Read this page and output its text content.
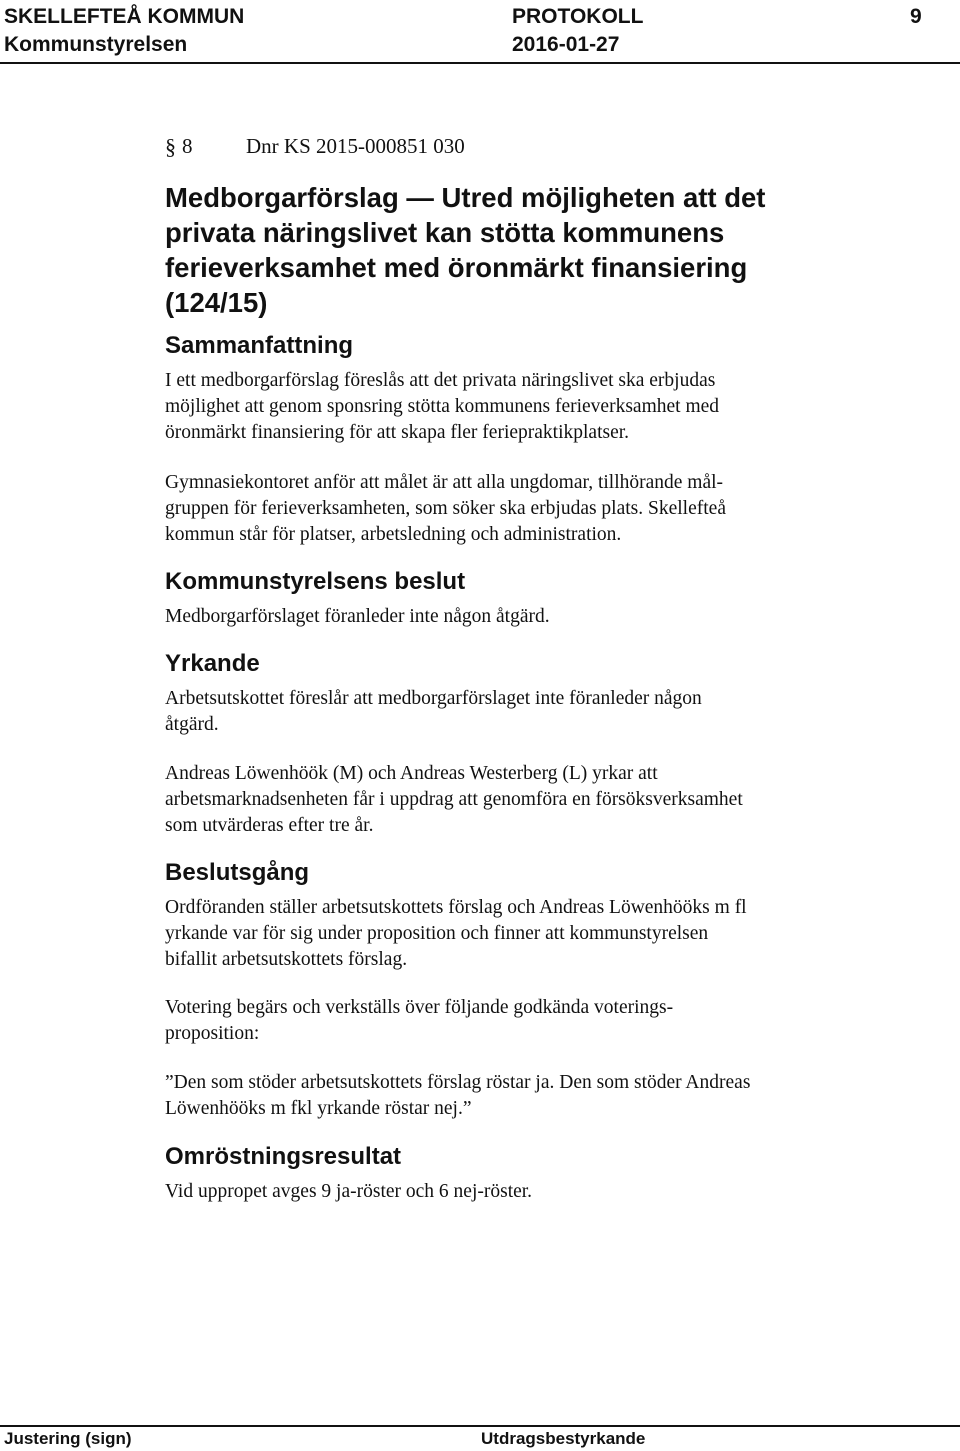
SKELLEFTEÅ KOMMUN
Kommunstyrelsen
PROTOKOLL
2016-01-27
9
§ 8	Dnr KS 2015-000851 030
Medborgarförslag — Utred möjligheten att det
privata näringslivet kan stötta kommunens
ferieverksamhet med öronmärkt finansiering
(124/15)
Sammanfattning
I ett medborgarförslag föreslås att det privata näringslivet ska erbjudas
möjlighet att genom sponsring stötta kommunens ferieverksamhet med
öronmärkt finansiering för att skapa fler feriepraktikplatser.
Gymnasiekontoret anför att målet är att alla ungdomar, tillhörande mål-
gruppen för ferieverksamheten, som söker ska erbjudas plats. Skellefteå
kommun står för platser, arbetsledning och administration.
Kommunstyrelsens beslut
Medborgarförslaget föranleder inte någon åtgärd.
Yrkande
Arbetsutskottet föreslår att medborgarförslaget inte föranleder någon
åtgärd.
Andreas Löwenhöök (M) och Andreas Westerberg (L) yrkar att
arbetsmarknadsenheten får i uppdrag att genomföra en försöksverksamhet
som utvärderas efter tre år.
Beslutsgång
Ordföranden ställer arbetsutskottets förslag och Andreas Löwenhööks m fl
yrkande var för sig under proposition och finner att kommunstyrelsen
bifallit arbetsutskottets förslag.
Votering begärs och verkställs över följande godkända voterings-
proposition:
”Den som stöder arbetsutskottets förslag röstar ja. Den som stöder Andreas
Löwenhööks m fkl yrkande röstar nej.”
Omröstningsresultat
Vid uppropet avges 9 ja-röster och 6 nej-röster.
Justering (sign)	Utdragsbestyrkande
